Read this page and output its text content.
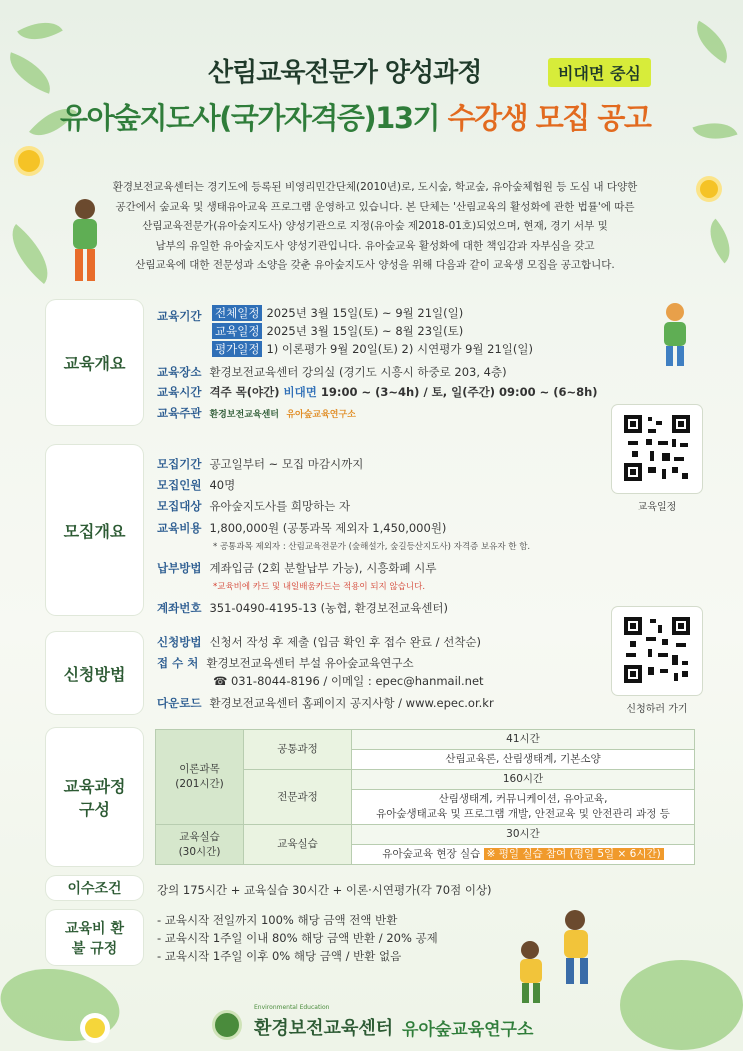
산림교육전문가 양성과정	비대면 중심
유아숲지도사(국가자격증)13기 수강생 모집 공고
환경보전교육센터는 경기도에 등록된 비영리민간단체(2010년)로, 도시숲, 학교숲, 유아숲체험원 등 도심 내 다양한
공간에서 숲교육 및 생태유아교육 프로그램 운영하고 있습니다. 본 단체는 '산림교육의 활성화에 관한 법률'에 따른
산림교육전문가(유아숲지도사) 양성기관으로 지정(유아숲 제2018-01호)되었으며, 현재, 경기 서부 및
남부의 유일한 유아숲지도사 양성기관입니다. 유아숲교육 활성화에 대한 책임감과 자부심을 갖고
산림교육에 대한 전문성과 소양을 갖춘 유아숲지도사 양성을 위해 다음과 같이 교육생 모집을 공고합니다.
교육개요
교육기간	전체일정 2025년 3월 15일(토) ~ 9월 21일(일)
교육일정 2025년 3월 15일(토) ~ 8월 23일(토)
평가일정 1) 이론평가 9월 20일(토) 2) 시연평가 9월 21일(일)
교육장소 환경보전교육센터 강의실 (경기도 시흥시 하중로 203, 4층)
교육시간 격주 목(야간) 비대면 19:00 ~ (3~4h) / 토, 일(주간) 09:00 ~ (6~8h)
교육주관 환경보전교육센터 유아숲교육연구소
교육일정
모집개요
모집기간 공고일부터 ~ 모집 마감시까지
모집인원 40명
모집대상 유아숲지도사를 희망하는 자
교육비용 1,800,000원 (공통과목 제외자 1,450,000원)
* 공통과목 제외자 : 산림교육전문가 (숲해설가, 숲길등산지도사) 자격증 보유자 한 함.
납부방법 계좌입금 (2회 분할납부 가능), 시흥화폐 시루
*교육비에 카드 및 내일배움카드는 적용이 되지 않습니다.
계좌번호 351-0490-4195-13 (농협, 환경보전교육센터)
신청방법
신청방법 신청서 작성 후 제출 (입금 확인 후 접수 완료 / 선착순)
접 수 처 환경보전교육센터 부설 유아숲교육연구소
☎ 031-8044-8196 / 이메일 : epec@hanmail.net
다운로드 환경보전교육센터 홈페이지 공지사항 / www.epec.or.kr	신청하러 가기
교육과정 구성
이론과목
(201시간)	공통과정	41시간
		산림교육론, 산림생태계, 기본소양
	전문과정	160시간

		산림생태계, 커뮤니케이션, 유아교육,
유아숲생태교육 및 프로그램 개발, 안전교육 및 안전관리 과정 등

교육실습
(30시간)	교육실습	30시간
		유아숲교육 현장 실습 ※ 평일 실습 참여 (평일 5일 × 6시간)
이수조건	강의 175시간 + 교육실습 30시간 + 이론·시연평가(각 70점 이상)
교육비 환불 규정
- 교육시작 전일까지 100% 해당 금액 전액 반환
- 교육시작 1주일 이내 80% 해당 금액 반환 / 20% 공제
- 교육시작 1주일 이후 0% 해당 금액 / 반환 없음
Environmental Education
환경보전교육센터 유아숲교육연구소
